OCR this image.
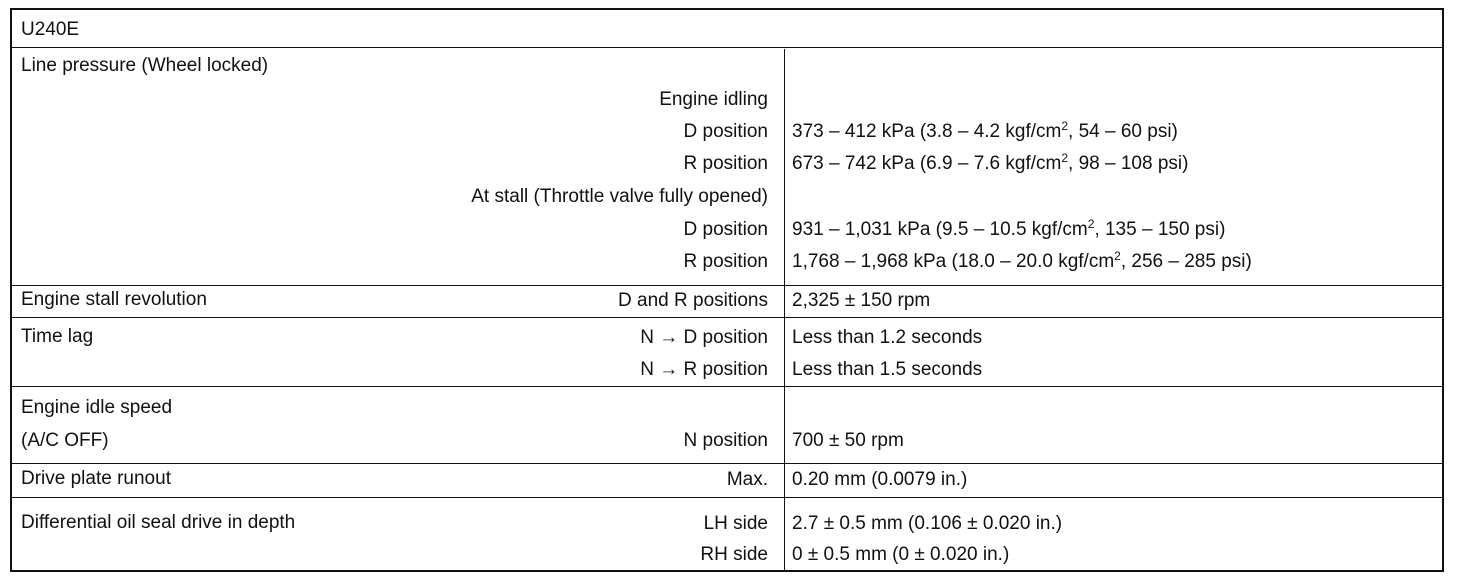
U240E
Line pressure (Wheel locked)
Engine idling
D position 373 – 412 kPa (3.8 – 4.2 kgf/$cm^2$, 54 – 60 psi)
R position 673 – 742 kPa (6.9 – 7.6 kgf/$cm^2$, 98 – 108 psi)
At stall (Throttle valve fully opened)
D position 931 – 1,031 kPa (9.5 – 10.5 kgf/$cm^2$, 135 – 150 psi)
R position 1,768 – 1,968 kPa (18.0 – 20.0 kgf/$cm^2$, 256 – 285 psi)
Engine stall revolution	D and R positions 2,325 ± 150 rpm
Time lag	N → D position Less than 1.2 seconds
N → R position Less than 1.5 seconds
Engine idle speed
(A/C OFF)	N position 700 ± 50 rpm
Drive plate runout	Max. 0.20 mm (0.0079 in.)
Differential oil seal drive in depth	LH side 2.7 ± 0.5 mm (0.106 ± 0.020 in.)
RH side 0 ± 0.5 mm (0 ± 0.020 in.)
